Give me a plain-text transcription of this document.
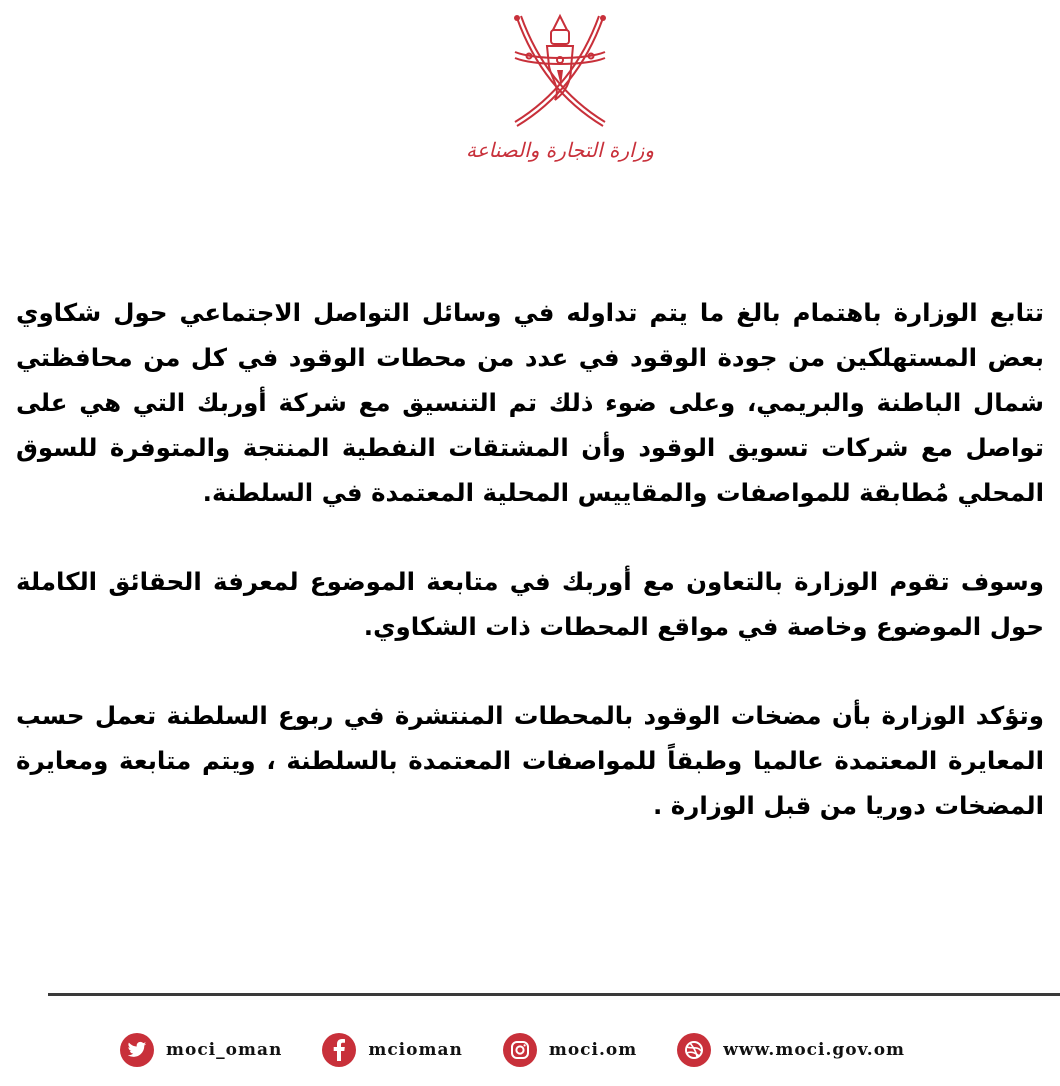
وزارة التجارة والصناعة

تتابع الوزارة باهتمام بالغ ما يتم تداوله في وسائل التواصل الاجتماعي حول شكاوي بعض المستهلكين من جودة الوقود في عدد من محطات الوقود في كل من محافظتي شمال الباطنة والبريمي، وعلى ضوء ذلك تم التنسيق مع شركة أوربك التي هي على تواصل مع شركات تسويق الوقود وأن المشتقات النفطية المنتجة والمتوفرة للسوق المحلي مُطابقة للمواصفات والمقاييس المحلية المعتمدة في السلطنة.

وسوف تقوم الوزارة بالتعاون مع أوربك في متابعة الموضوع لمعرفة الحقائق الكاملة حول الموضوع وخاصة في مواقع المحطات ذات الشكاوي.

وتؤكد الوزارة بأن مضخات الوقود بالمحطات المنتشرة في ربوع السلطنة تعمل حسب المعايرة المعتمدة عالميا وطبقاً للمواصفات المعتمدة بالسلطنة ، ويتم متابعة ومعايرة المضخات دوريا من قبل الوزارة .

moci_oman	mcioman	moci.om	www.moci.gov.om
